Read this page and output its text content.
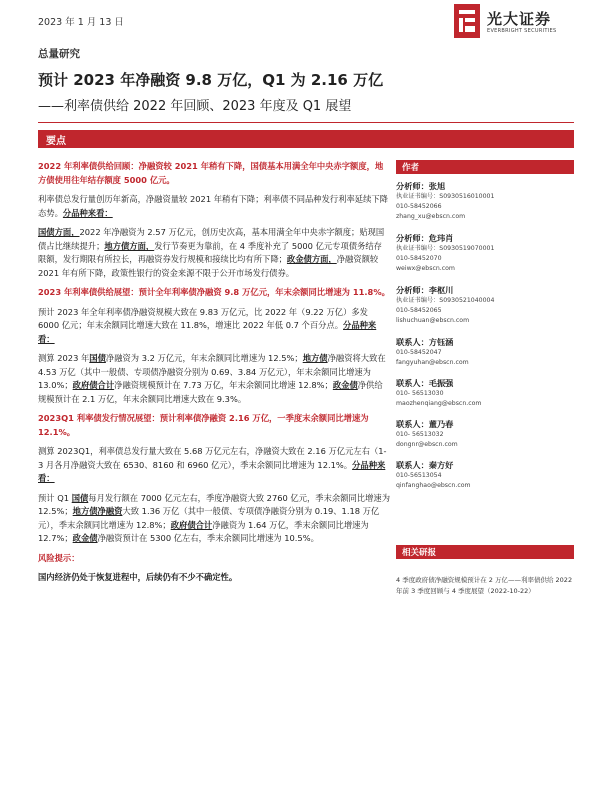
2023 年 1 月 13 日	光大证券
EVERBRIGHT SECURITIES
总量研究
预计 2023 年净融资 9.8 万亿，Q1 为 2.16 万亿
——利率债供给 2022 年回顾、2023 年度及 Q1 展望
要点
2022 年利率债供给回顾：净融资较 2021 年稍有下降，国债基本用满全年中央赤字额度，地方债使用往年结存额度 5000 亿元。
利率债总发行量创历年新高，净融资量较 2021 年稍有下降；利率债不同品种发行利率延续下降态势。分品种来看：
国债方面，2022 年净融资为 2.57 万亿元，创历史次高，基本用满全年中央赤字额度；贴现国债占比继续提升；地方债方面，发行节奏更为靠前，在 4 季度补充了 5000 亿元专项债务结存限额，发行期限有所拉长，再融资券发行规模和接续比均有所下降；政金债方面，净融资额较 2021 年有所下降，政策性银行的资金来源不限于公开市场发行债券。
2023 年利率债供给展望：预计全年利率债净融资 9.8 万亿元，年末余额同比增速为 11.8%。
预计 2023 年全年利率债净融资规模大致在 9.83 万亿元，比 2022 年（9.22 万亿）多发 6000 亿元；年末余额同比增速大致在 11.8%，增速比 2022 年低 0.7 个百分点。分品种来看：
测算 2023 年国债净融资为 3.2 万亿元，年末余额同比增速为 12.5%；地方债净融资将大致在 4.53 万亿（其中一般债、专项债净融资分别为 0.69、3.84 万亿元），年末余额同比增速为 13.0%；政府债合计净融资规模预计在 7.73 万亿，年末余额同比增速 12.8%；政金债净供给规模预计在 2.1 万亿，年末余额同比增速大致在 9.3%。
2023Q1 利率债发行情况展望：预计利率债净融资 2.16 万亿，一季度末余额同比增速为 12.1%。
测算 2023Q1，利率债总发行量大致在 5.68 万亿元左右，净融资大致在 2.16 万亿元左右（1-3 月各月净融资大致在 6530、8160 和 6960 亿元），季末余额同比增速为 12.1%。分品种来看：
预计 Q1 国债每月发行额在 7000 亿元左右，季度净融资大致 2760 亿元，季末余额同比增速为 12.5%；地方债净融资大致 1.36 万亿（其中一般债、专项债净融资分别为 0.19、1.18 万亿元），季末余额同比增速为 12.8%；政府债合计净融资为 1.64 万亿，季末余额同比增速为 12.7%；政金债净融资预计在 5300 亿左右，季末余额同比增速为 10.5%。
风险提示：
国内经济仍处于恢复进程中，后续仍有不少不确定性。
作者
分析师：张旭
执业证书编号：S0930516010001
010-58452066
zhang_xu@ebscn.com
分析师：危玮肖
执业证书编号：S0930519070001
010-58452070
weiwx@ebscn.com
分析师：李枢川
执业证书编号：S0930521040004
010-58452065
lishuchuan@ebscn.com
联系人：方钰涵
010-58452047
fangyuhan@ebscn.com
联系人：毛振强
010- 56513030
maozhenqiang@ebscn.com
联系人：董乃春
010- 56513032
dongnr@ebscn.com
联系人：秦方好
010-56513054
qinfanghao@ebscn.com
相关研报
4 季度政府债净融资规模预计在 2 万亿——利率债供给 2022 年前 3 季度回顾与 4 季度展望（2022-10-22）
